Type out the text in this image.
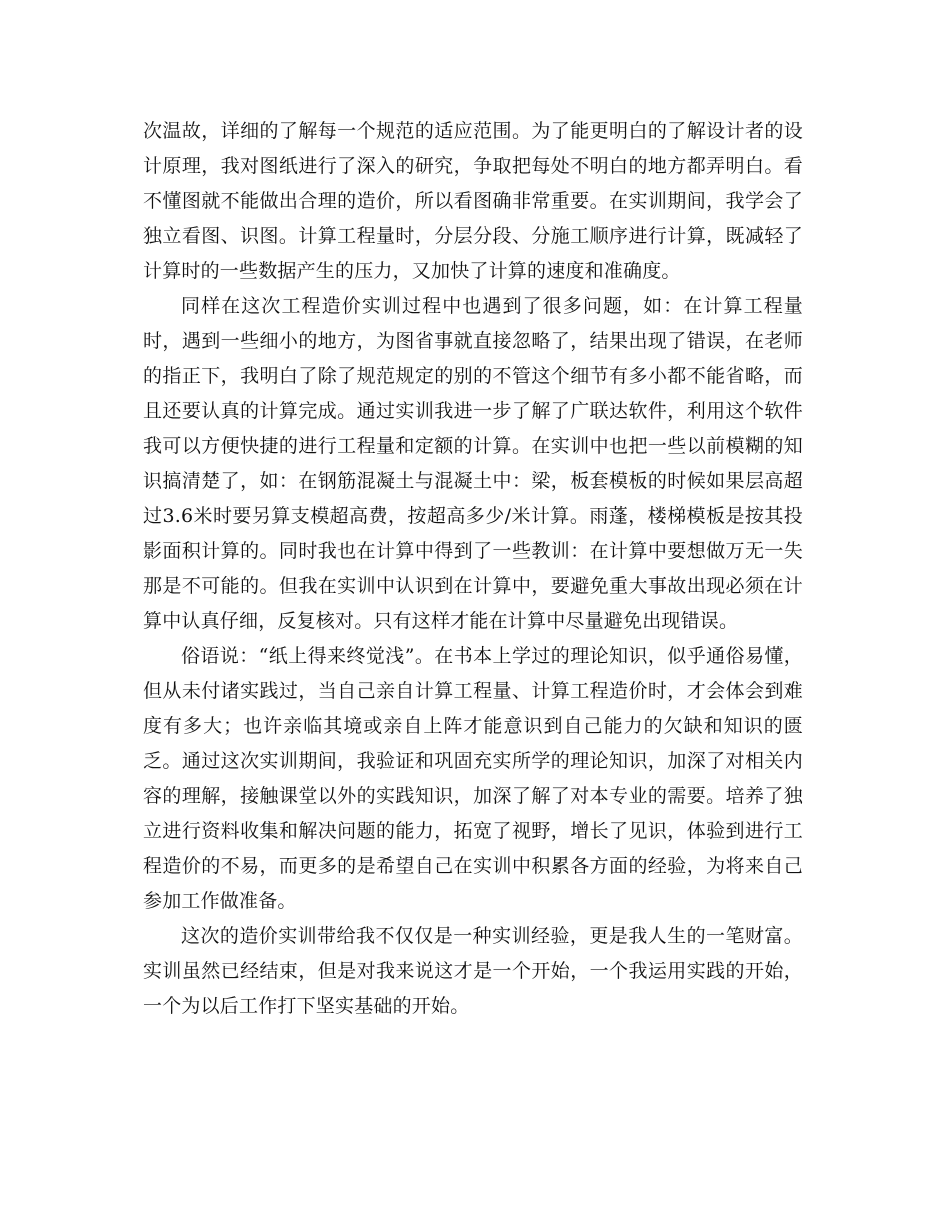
次温故，详细的了解每一个规范的适应范围。为了能更明白的了解设计者的设计原理，我对图纸进行了深入的研究，争取把每处不明白的地方都弄明白。看不懂图就不能做出合理的造价，所以看图确非常重要。在实训期间，我学会了独立看图、识图。计算工程量时，分层分段、分施工顺序进行计算，既减轻了计算时的一些数据产生的压力，又加快了计算的速度和准确度。

同样在这次工程造价实训过程中也遇到了很多问题，如：在计算工程量时，遇到一些细小的地方，为图省事就直接忽略了，结果出现了错误，在老师的指正下，我明白了除了规范规定的别的不管这个细节有多小都不能省略，而且还要认真的计算完成。通过实训我进一步了解了广联达软件，利用这个软件我可以方便快捷的进行工程量和定额的计算。在实训中也把一些以前模糊的知识搞清楚了，如：在钢筋混凝土与混凝土中：梁，板套模板的时候如果层高超过3.6米时要另算支模超高费，按超高多少/米计算。雨蓬，楼梯模板是按其投影面积计算的。同时我也在计算中得到了一些教训：在计算中要想做万无一失那是不可能的。但我在实训中认识到在计算中，要避免重大事故出现必须在计算中认真仔细，反复核对。只有这样才能在计算中尽量避免出现错误。

俗语说：“纸上得来终觉浅”。在书本上学过的理论知识，似乎通俗易懂，但从未付诸实践过，当自己亲自计算工程量、计算工程造价时，才会体会到难度有多大；也许亲临其境或亲自上阵才能意识到自己能力的欠缺和知识的匮乏。通过这次实训期间，我验证和巩固充实所学的理论知识，加深了对相关内容的理解，接触课堂以外的实践知识，加深了解了对本专业的需要。培养了独立进行资料收集和解决问题的能力，拓宽了视野，增长了见识，体验到进行工程造价的不易，而更多的是希望自己在实训中积累各方面的经验，为将来自己参加工作做准备。

这次的造价实训带给我不仅仅是一种实训经验，更是我人生的一笔财富。实训虽然已经结束，但是对我来说这才是一个开始，一个我运用实践的开始，一个为以后工作打下坚实基础的开始。
